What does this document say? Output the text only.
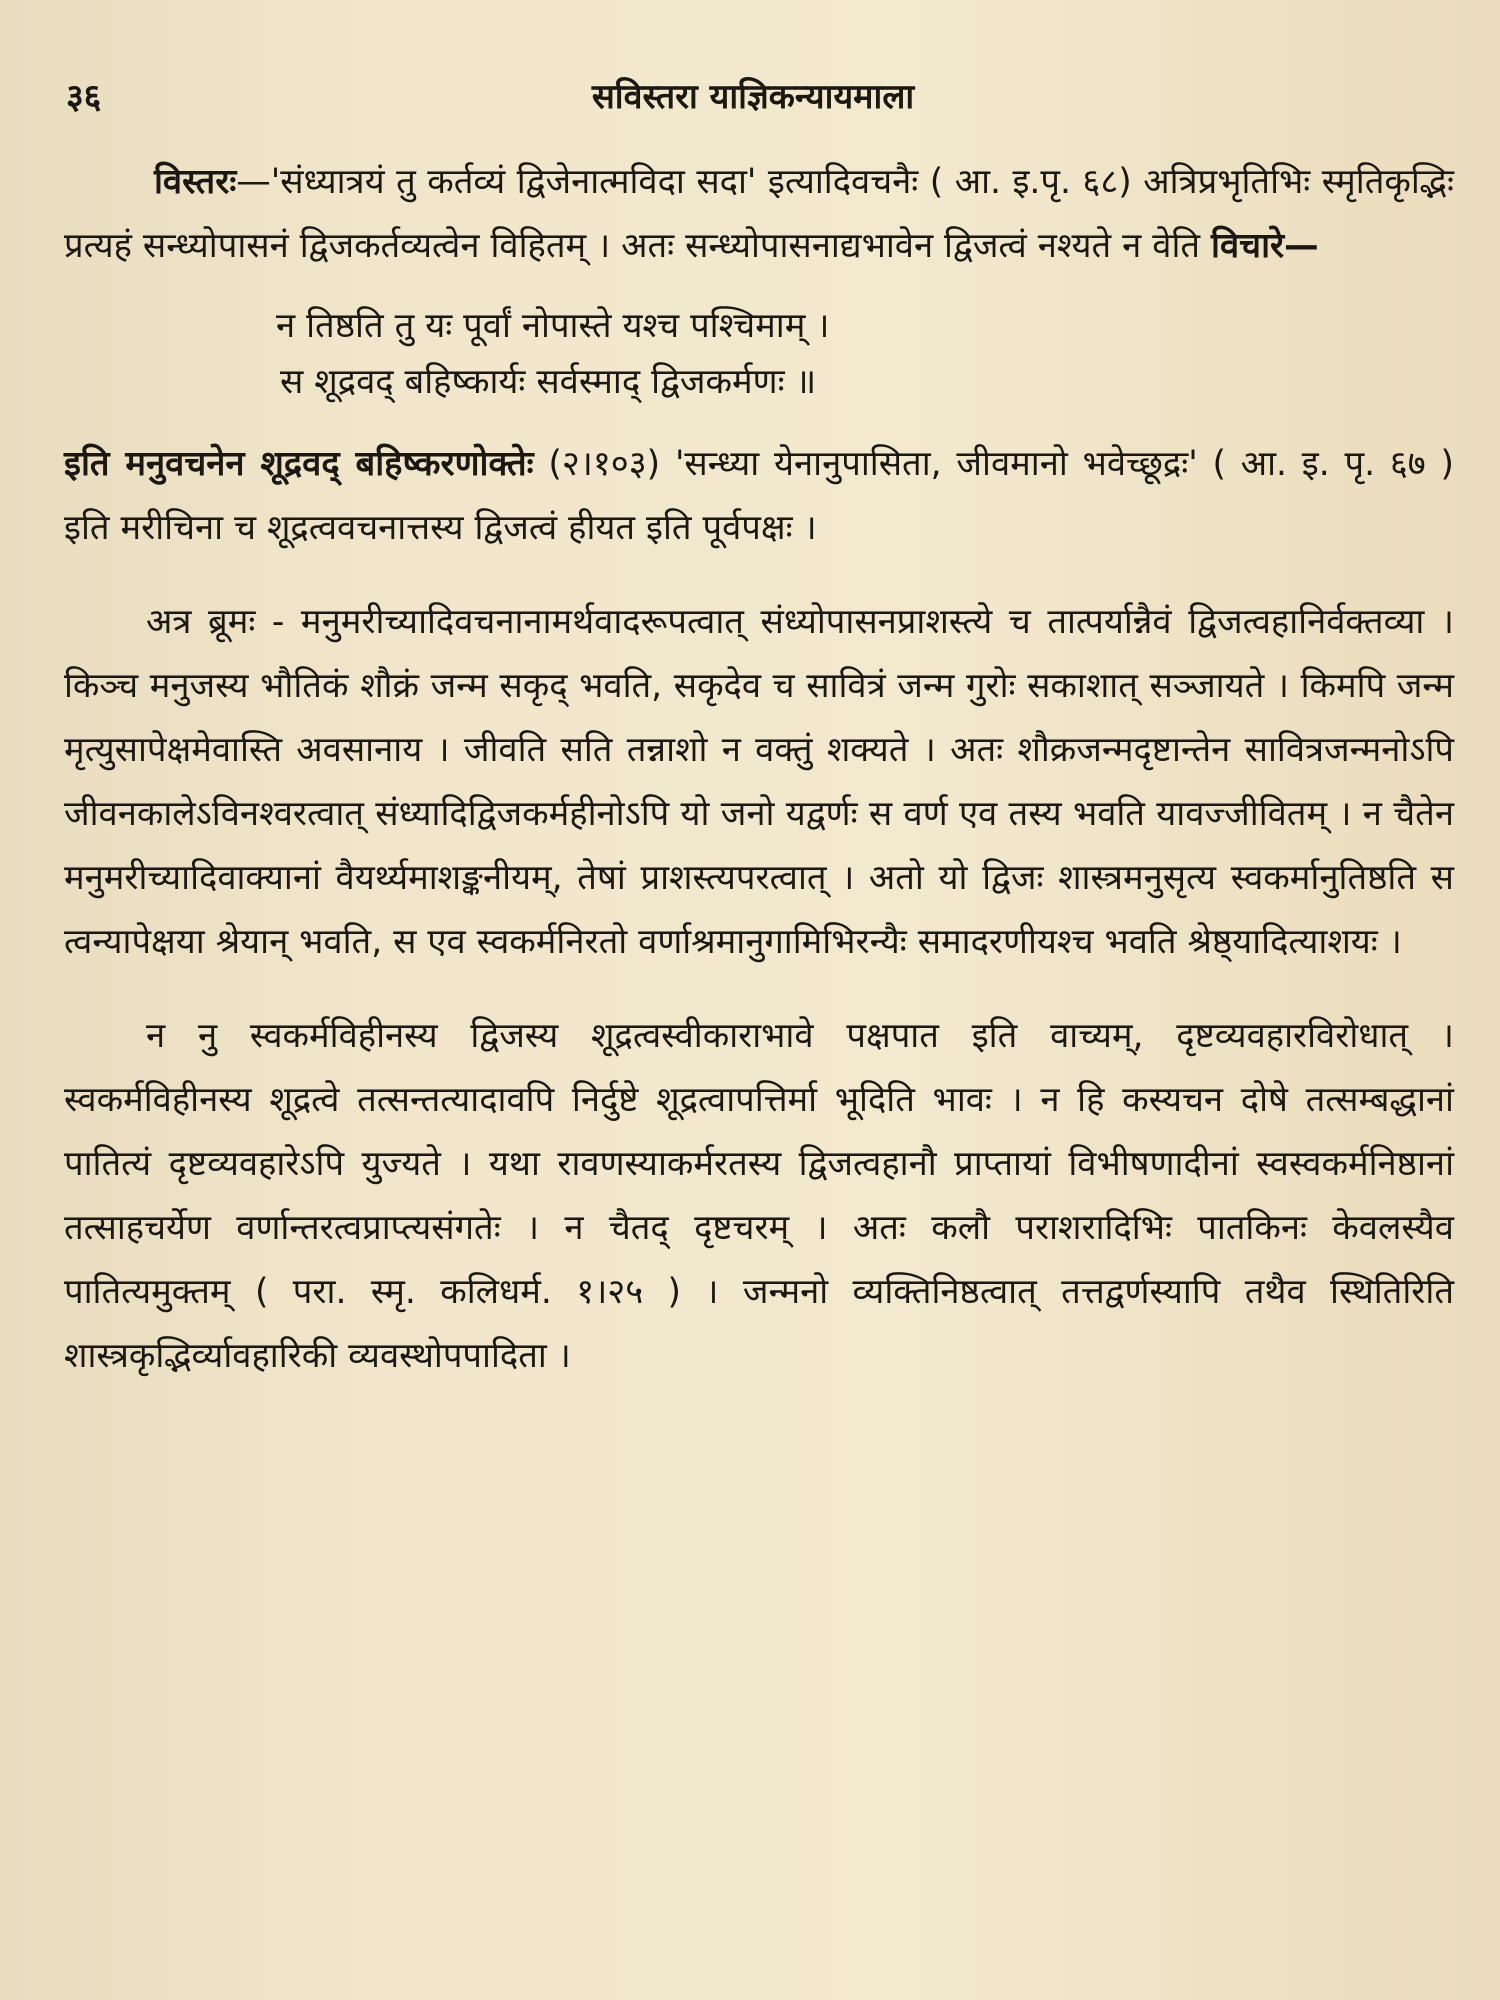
३६	सविस्तरा याज्ञिकन्यायमाला

विस्तरः—'संध्यात्रयं तु कर्तव्यं द्विजेनात्मविदा सदा' इत्यादिवचनैः ( आ. इ.पृ. ६८) अत्रिप्रभृतिभिः स्मृतिकृद्भिः प्रत्यहं सन्ध्योपासनं द्विजकर्तव्यत्वेन विहितम् । अतः सन्ध्योपासनाद्यभावेन द्विजत्वं नश्यते न वेति विचारे—

न तिष्ठति तु यः पूर्वां नोपास्ते यश्च पश्चिमाम् ।
स शूद्रवद् बहिष्कार्यः सर्वस्माद् द्विजकर्मणः ॥

इति मनुवचनेन शूद्रवद् बहिष्करणोक्तेः (२।१०३) 'सन्ध्या येनानुपासिता, जीवमानो भवेच्छूद्रः' ( आ. इ. पृ. ६७ ) इति मरीचिना च शूद्रत्ववचनात्तस्य द्विजत्वं हीयत इति पूर्वपक्षः ।

अत्र ब्रूमः - मनुमरीच्यादिवचनानामर्थवादरूपत्वात् संध्योपासनप्राशस्त्ये च तात्पर्यान्नैवं द्विजत्वहानिर्वक्तव्या । किञ्च मनुजस्य भौतिकं शौक्रं जन्म सकृद् भवति, सकृदेव च सावित्रं जन्म गुरोः सकाशात् सञ्जायते । किमपि जन्म मृत्युसापेक्षमेवास्ति अवसानाय । जीवति सति तन्नाशो न वक्तुं शक्यते । अतः शौक्रजन्मदृष्टान्तेन सावित्रजन्मनोऽपि जीवनकालेऽविनश्वरत्वात् संध्यादिद्विजकर्महीनोऽपि यो जनो यद्वर्णः स वर्ण एव तस्य भवति यावज्जीवितम् । न चैतेन मनुमरीच्यादिवाक्यानां वैयर्थ्यमाशङ्कनीयम्, तेषां प्राशस्त्यपरत्वात् । अतो यो द्विजः शास्त्रमनुसृत्य स्वकर्मानुतिष्ठति स त्वन्यापेक्षया श्रेयान् भवति, स एव स्वकर्मनिरतो वर्णाश्रमानुगामिभिरन्यैः समादरणीयश्च भवति श्रेष्ठ्यादित्याशयः ।

न नु स्वकर्मविहीनस्य द्विजस्य शूद्रत्वस्वीकाराभावे पक्षपात इति वाच्यम्, दृष्टव्यवहारविरोधात् । स्वकर्मविहीनस्य शूद्रत्वे तत्सन्तत्यादावपि निर्दुष्टे शूद्रत्वापत्तिर्मा भूदिति भावः । न हि कस्यचन दोषे तत्सम्बद्धानां पातित्यं दृष्टव्यवहारेऽपि युज्यते । यथा रावणस्याकर्मरतस्य द्विजत्वहानौ प्राप्तायां विभीषणादीनां स्वस्वकर्मनिष्ठानां तत्साहचर्येण वर्णान्तरत्वप्राप्त्यसंगतेः । न चैतद् दृष्टचरम् । अतः कलौ पराशरादिभिः पातकिनः केवलस्यैव पातित्यमुक्तम् ( परा. स्मृ. कलिधर्म. १।२५ ) । जन्मनो व्यक्तिनिष्ठत्वात् तत्तद्वर्णस्यापि तथैव स्थितिरिति शास्त्रकृद्भिर्व्यावहारिकी व्यवस्थोपपादिता ।
